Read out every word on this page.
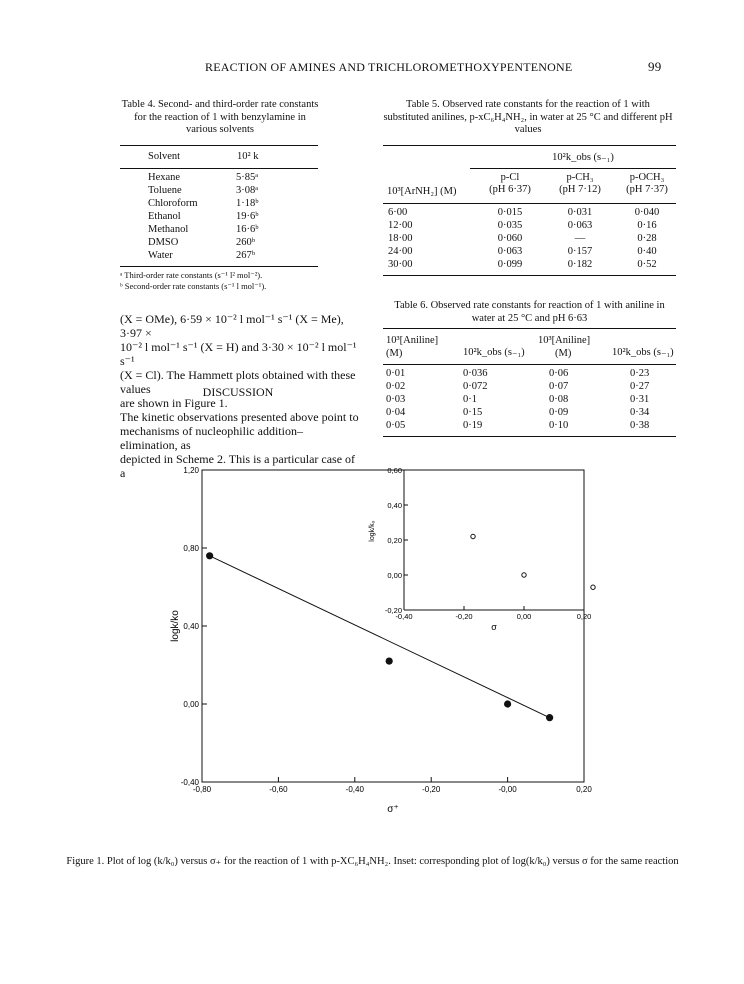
REACTION OF AMINES AND TRICHLOROMETHOXYPENTENONE	99
Table 4. Second- and third-order rate constants for the reaction of 1 with benzylamine in various solvents
Solvent	10² k
Hexane	5·85ᵃ
Toluene	3·08ᵃ
Chloroform	1·18ᵇ
Ethanol	19·6ᵇ
Methanol	16·6ᵇ
DMSO	260ᵇ
Water	267ᵇ
ᵃ Third-order rate constants (s⁻¹ l² mol⁻²).
ᵇ Second-order rate constants (s⁻¹ l mol⁻¹).
Table 5. Observed rate constants for the reaction of 1 with substituted anilines, p-xC₆H₄NH₂, in water at 25 °C and different pH values
10²k_obs (s₋₁)
p-Cl	p-CH₃	p-OCH₃
10³[ArNH₂] (M)	(pH 6·37)	(pH 7·12)	(pH 7·37)
6·00	0·015	0·031	0·040
12·00	0·035	0·063	0·16
18·00	0·060	—	0·28
24·00	0·063	0·157	0·40
30·00	0·099	0·182	0·52
Table 6. Observed rate constants for reaction of 1 with aniline in water at 25 °C and pH 6·63
10³[Aniline]
(M)	10²k_obs (s₋₁)
10³[Aniline]
(M)	10²k_obs (s₋₁)
0·01	0·036	0·06	0·23
0·02	0·072	0·07	0·27
0·03	0·1	0·08	0·31
0·04	0·15	0·09	0·34
0·05	0·19	0·10	0·38
(X = OMe), 6·59 × 10⁻² l mol⁻¹ s⁻¹ (X = Me), 3·97 ×
10⁻² l mol⁻¹ s⁻¹ (X = H) and 3·30 × 10⁻² l mol⁻¹ s⁻¹
(X = Cl). The Hammett plots obtained with these values
are shown in Figure 1.
DISCUSSION
The kinetic observations presented above point to
mechanisms of nucleophilic addition–elimination, as
depicted in Scheme 2. This is a particular case of a
-0,80	-0,60	-0,40	-0,20	-0,00	0,20
-0,40
0,00
0,40
0,80
1,20
σ⁺
logk/ko	-0,40	-0,20	0,00	0,20
-0,20
0,00
0,20
0,40
0,60
σ
logk/kₒ
Figure 1. Plot of log (k/k₀) versus σ₊ for the reaction of 1 with p-XC₆H₄NH₂. Inset: corresponding plot of log(k/k₀) versus σ for the same reaction
